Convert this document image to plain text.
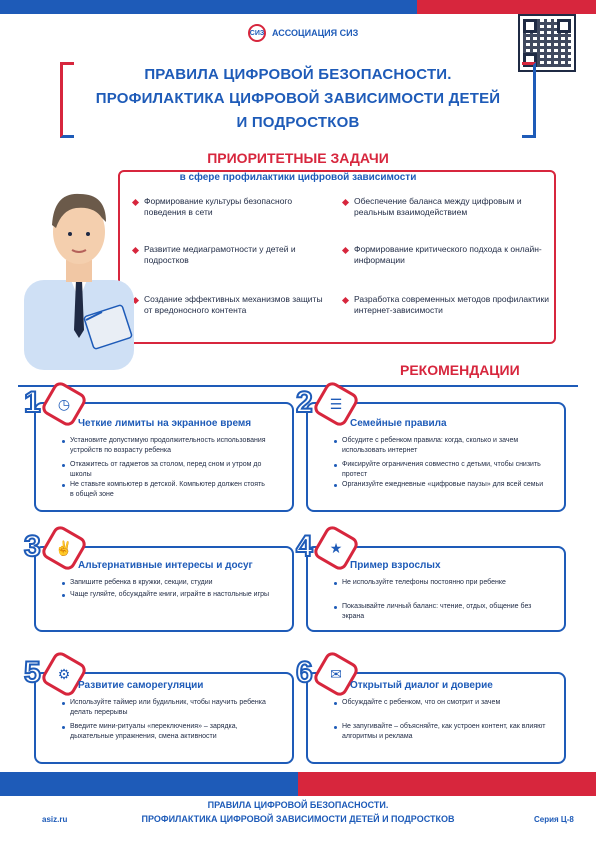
СИЗ АССОЦИАЦИЯ СИЗ
ПРАВИЛА ЦИФРОВОЙ БЕЗОПАСНОСТИ.
ПРОФИЛАКТИКА ЦИФРОВОЙ ЗАВИСИМОСТИ ДЕТЕЙ
И ПОДРОСТКОВ
ПРИОРИТЕТНЫЕ ЗАДАЧИ
в сфере профилактики цифровой зависимости
Формирование культуры безопасного поведения в сети
Обеспечение баланса между цифровым и реальным взаимодействием
Развитие медиаграмотности у детей и подростков
Формирование критического подхода к онлайн-информации
Создание эффективных механизмов защиты от вредоносного контента
Разработка современных методов профилактики интернет-зависимости
РЕКОМЕНДАЦИИ
1	◷
Четкие лимиты на экранное время
Установите допустимую продолжительность использования устройств по возрасту ребенка
Откажитесь от гаджетов за столом, перед сном и утром до школы
Не ставьте компьютер в детской. Компьютер должен стоять в общей зоне
2	☰
Семейные правила
Обсудите с ребенком правила: когда, сколько и зачем использовать интернет
Фиксируйте ограничения совместно с детьми, чтобы снизить протест
Организуйте ежедневные «цифровые паузы» для всей семьи
3	✌
Альтернативные интересы и досуг
Запишите ребенка в кружки, секции, студии
Чаще гуляйте, обсуждайте книги, играйте в настольные игры
4	★
Пример взрослых
Не используйте телефоны постоянно при ребенке
Показывайте личный баланс: чтение, отдых, общение без экрана
5	⚙
Развитие саморегуляции
Используйте таймер или будильник, чтобы научить ребенка делать перерывы
Введите мини-ритуалы «переключения» – зарядка, дыхательные упражнения, смена активности
6	✉
Открытый диалог и доверие
Обсуждайте с ребенком, что он смотрит и зачем
Не запугивайте – объясняйте, как устроен контент, как влияют алгоритмы и реклама
ПРАВИЛА ЦИФРОВОЙ БЕЗОПАСНОСТИ.
ПРОФИЛАКТИКА ЦИФРОВОЙ ЗАВИСИМОСТИ ДЕТЕЙ И ПОДРОСТКОВ
asiz.ru	Серия Ц-8
